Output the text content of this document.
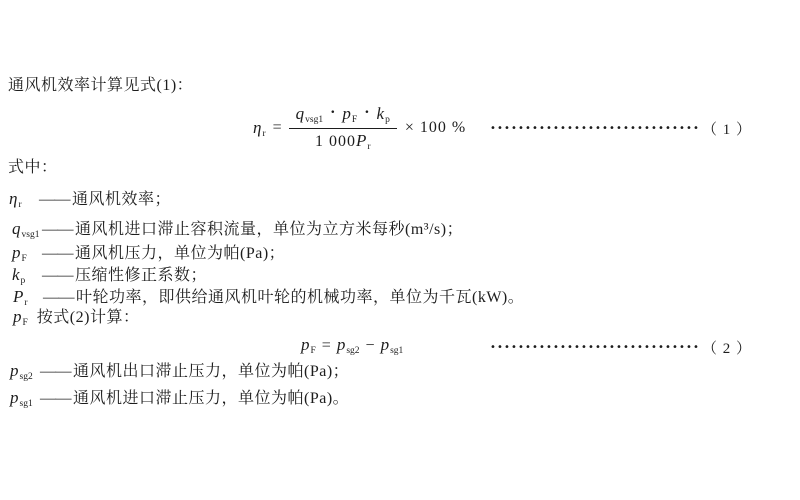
通风机效率计算见式(1)：
$\eta_r = q_{vsg1}$
• $p_F$
• $k_p$
1 $000P_r \times 100$ % •••••••••••••••••••••••••••••• （ 1 ）
式中：
$\eta_r$	—— 通风机效率；
$q_{vsg1}$ —— 通风机进口滞止容积流量，单位为立方米每秒(m³/s)；
$p_F$ —— 通风机压力，单位为帕(Pa)；
$k_p$	—— 压缩性修正系数；
$P_r$ —— 叶轮功率，即供给通风机叶轮的机械功率，单位为千瓦(kW)。
$p_F$ 按式(2)计算：
$p_F = p_{sg2} - p_{sg1}$	•••••••••••••••••••••••••••••• （ 2 ）
$p_{sg2}$ —— 通风机出口滞止压力，单位为帕(Pa)；
$p_{sg1}$ —— 通风机进口滞止压力，单位为帕(Pa)。
